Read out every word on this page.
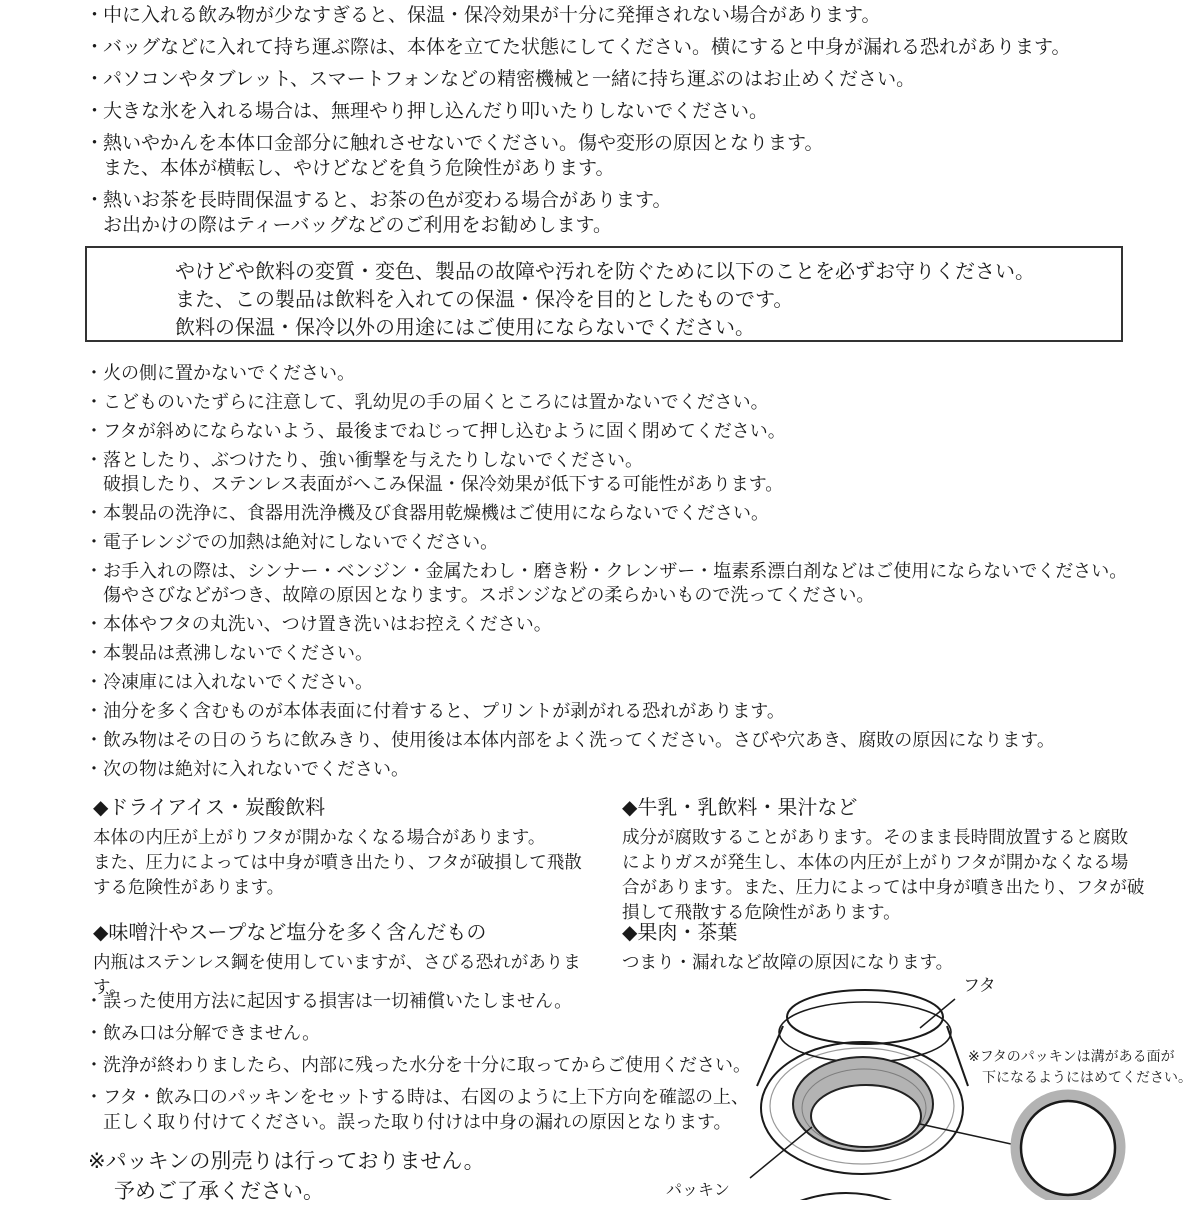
・
中に入れる飲み物が少なすぎると、保温・保冷効果が十分に発揮されない場合があります。
・
バッグなどに入れて持ち運ぶ際は、本体を立てた状態にしてください。横にすると中身が漏れる恐れがあります。
・
パソコンやタブレット、スマートフォンなどの精密機械と一緒に持ち運ぶのはお止めください。
・
大きな氷を入れる場合は、無理やり押し込んだり叩いたりしないでください。
・
熱いやかんを本体口金部分に触れさせないでください。傷や変形の原因となります。
また、本体が横転し、やけどなどを負う危険性があります。
・
熱いお茶を長時間保温すると、お茶の色が変わる場合があります。
お出かけの際はティーバッグなどのご利用をお勧めします。
やけどや飲料の変質・変色、製品の故障や汚れを防ぐために以下のことを必ずお守りください。
また、この製品は飲料を入れての保温・保冷を目的としたものです。
飲料の保温・保冷以外の用途にはご使用にならないでください。
・ 火の側に置かないでください。
・ こどものいたずらに注意して、乳幼児の手の届くところには置かないでください。
・ フタが斜めにならないよう、最後までねじって押し込むように固く閉めてください。
・ 落としたり、ぶつけたり、強い衝撃を与えたりしないでください。
破損したり、ステンレス表面がへこみ保温・保冷効果が低下する可能性があります。
・ 本製品の洗浄に、食器用洗浄機及び食器用乾燥機はご使用にならないでください。
・ 電子レンジでの加熱は絶対にしないでください。
・ お手入れの際は、シンナー・ベンジン・金属たわし・磨き粉・クレンザー・塩素系漂白剤などはご使用にならないでください。
傷やさびなどがつき、故障の原因となります。スポンジなどの柔らかいもので洗ってください。
・ 本体やフタの丸洗い、つけ置き洗いはお控えください。
・ 本製品は煮沸しないでください。
・ 冷凍庫には入れないでください。
・ 油分を多く含むものが本体表面に付着すると、プリントが剥がれる恐れがあります。
・ 飲み物はその日のうちに飲みきり、使用後は本体内部をよく洗ってください。さびや穴あき、腐敗の原因になります。
・ 次の物は絶対に入れないでください。
◆ドライアイス・炭酸飲料
本体の内圧が上がりフタが開かなくなる場合があります。
また、圧力によっては中身が噴き出たり、フタが破損して飛散
する危険性があります。
◆牛乳・乳飲料・果汁など
成分が腐敗することがあります。そのまま長時間放置すると腐敗
によりガスが発生し、本体の内圧が上がりフタが開かなくなる場
合があります。また、圧力によっては中身が噴き出たり、フタが破
損して飛散する危険性があります。
◆味噌汁やスープなど塩分を多く含んだもの
内瓶はステンレス鋼を使用していますが、さびる恐れがあります。
◆果肉・茶葉
つまり・漏れなど故障の原因になります。
・ 誤った使用方法に起因する損害は一切補償いたしません。
・ 飲み口は分解できません。
・ 洗浄が終わりましたら、内部に残った水分を十分に取ってからご使用ください。
・ フタ・飲み口のパッキンをセットする時は、右図のように上下方向を確認の上、
正しく取り付けてください。誤った取り付けは中身の漏れの原因となります。
※パッキンの別売りは行っておりません。
予めご了承ください。
フタ
※フタのパッキンは溝がある面が
下になるようにはめてください。
パッキン
